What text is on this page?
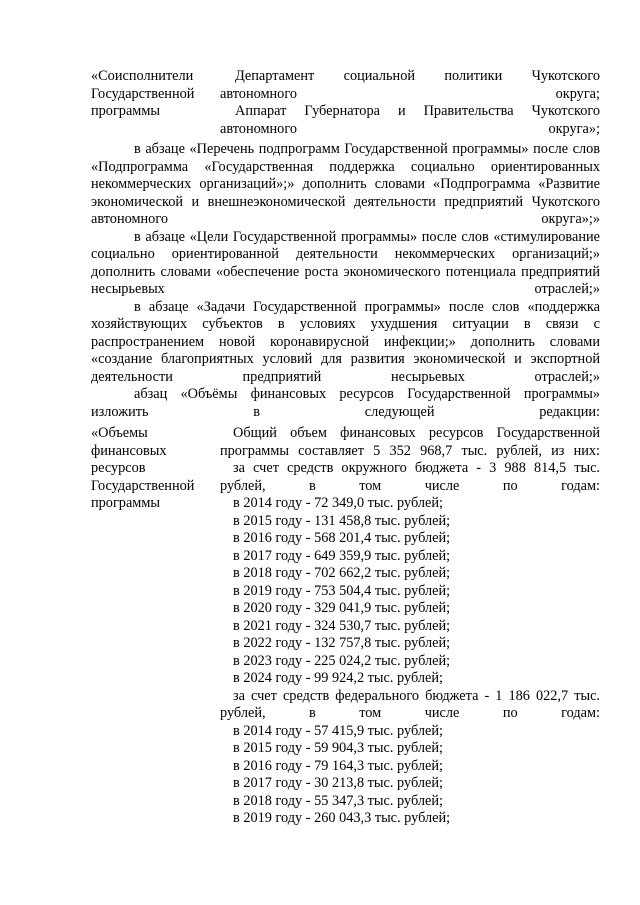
«Соисполнители
Государственной
программы

Департамент социальной политики Чукотского автономного округа;

Аппарат Губернатора и Правительства Чукотского автономного округа»;

в абзаце «Перечень подпрограмм Государственной программы» после слов «Подпрограмма «Государственная поддержка социально ориентированных некоммерческих организаций»;» дополнить словами «Подпрограмма «Развитие экономической и внешнеэкономической деятельности предприятий Чукотского автономного округа»;»

в абзаце «Цели Государственной программы» после слов «стимулирование социально ориентированной деятельности некоммерческих организаций;» дополнить словами «обеспечение роста экономического потенциала предприятий несырьевых отраслей;»

в абзаце «Задачи Государственной программы» после слов «поддержка хозяйствующих субъектов в условиях ухудшения ситуации в связи с распространением новой коронавирусной инфекции;» дополнить словами «создание благоприятных условий для развития экономической и экспортной деятельности предприятий несырьевых отраслей;»

абзац «Объёмы финансовых ресурсов Государственной программы» изложить в следующей редакции:

«Объемы
финансовых
ресурсов
Государственной
программы

Общий объем финансовых ресурсов Государственной программы составляет 5 352 968,7 тыс. рублей, из них:

за счет средств окружного бюджета - 3 988 814,5 тыс. рублей, в том числе по годам:

в 2014 году - 72 349,0 тыс. рублей;
в 2015 году - 131 458,8 тыс. рублей;
в 2016 году - 568 201,4 тыс. рублей;
в 2017 году - 649 359,9 тыс. рублей;
в 2018 году - 702 662,2 тыс. рублей;
в 2019 году - 753 504,4 тыс. рублей;
в 2020 году - 329 041,9 тыс. рублей;
в 2021 году - 324 530,7 тыс. рублей;
в 2022 году - 132 757,8 тыс. рублей;
в 2023 году - 225 024,2 тыс. рублей;
в 2024 году - 99 924,2 тыс. рублей;

за счет средств федерального бюджета - 1 186 022,7 тыс. рублей, в том числе по годам:

в 2014 году - 57 415,9 тыс. рублей;
в 2015 году - 59 904,3 тыс. рублей;
в 2016 году - 79 164,3 тыс. рублей;
в 2017 году - 30 213,8 тыс. рублей;
в 2018 году - 55 347,3 тыс. рублей;
в 2019 году - 260 043,3 тыс. рублей;
